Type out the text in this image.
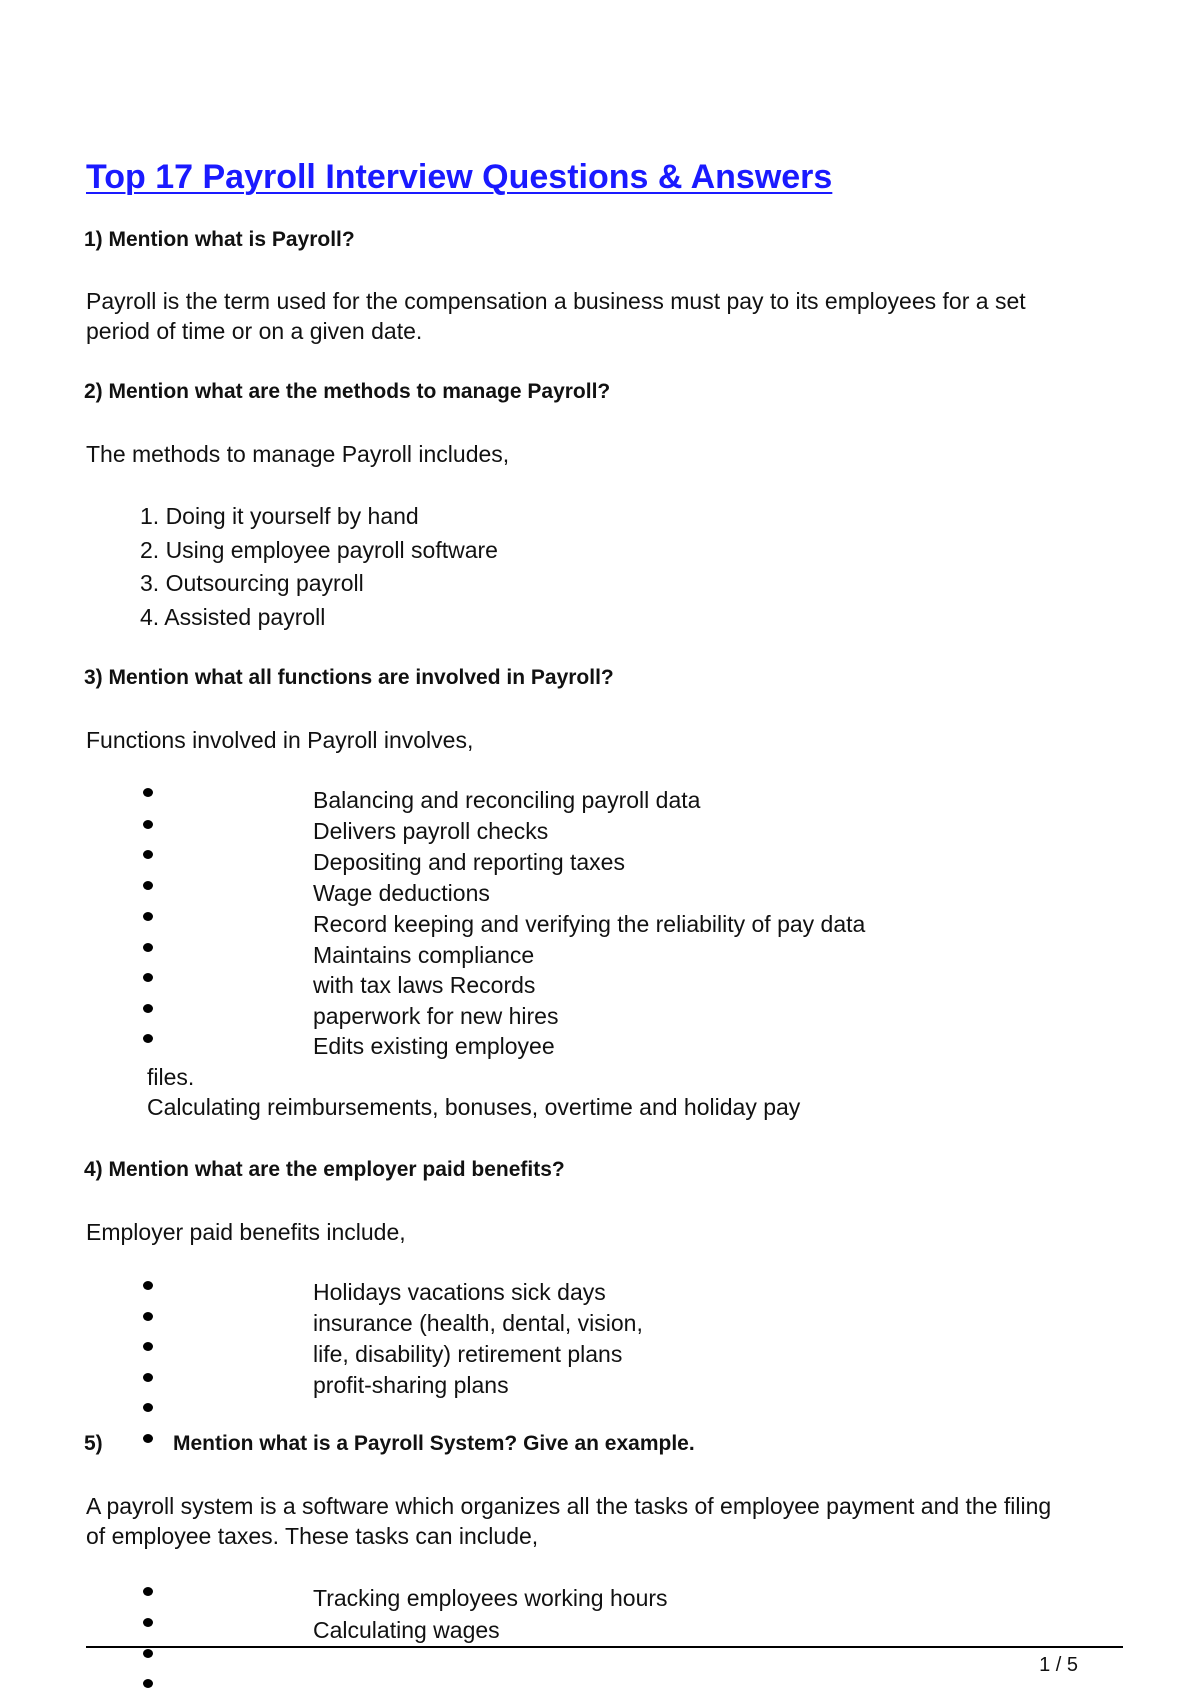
Top 17 Payroll Interview Questions & Answers
1) Mention what is Payroll?
Payroll is the term used for the compensation a business must pay to its employees for a set
period of time or on a given date.
2) Mention what are the methods to manage Payroll?
The methods to manage Payroll includes,
1. Doing it yourself by hand
2. Using employee payroll software
3. Outsourcing payroll
4. Assisted payroll
3) Mention what all functions are involved in Payroll?
Functions involved in Payroll involves,
Balancing and reconciling payroll data
Delivers payroll checks
Depositing and reporting taxes
Wage deductions
Record keeping and verifying the reliability of pay data
Maintains compliance
with tax laws Records
paperwork for new hires
Edits existing employee
files.
Calculating reimbursements, bonuses, overtime and holiday pay
4) Mention what are the employer paid benefits?
Employer paid benefits include,
Holidays vacations sick days
insurance (health, dental, vision,
life, disability) retirement plans
profit-sharing plans
5)	Mention what is a Payroll System? Give an example.
A payroll system is a software which organizes all the tasks of employee payment and the filing
of employee taxes. These tasks can include,
Tracking employees working hours
Calculating wages
1 / 5
